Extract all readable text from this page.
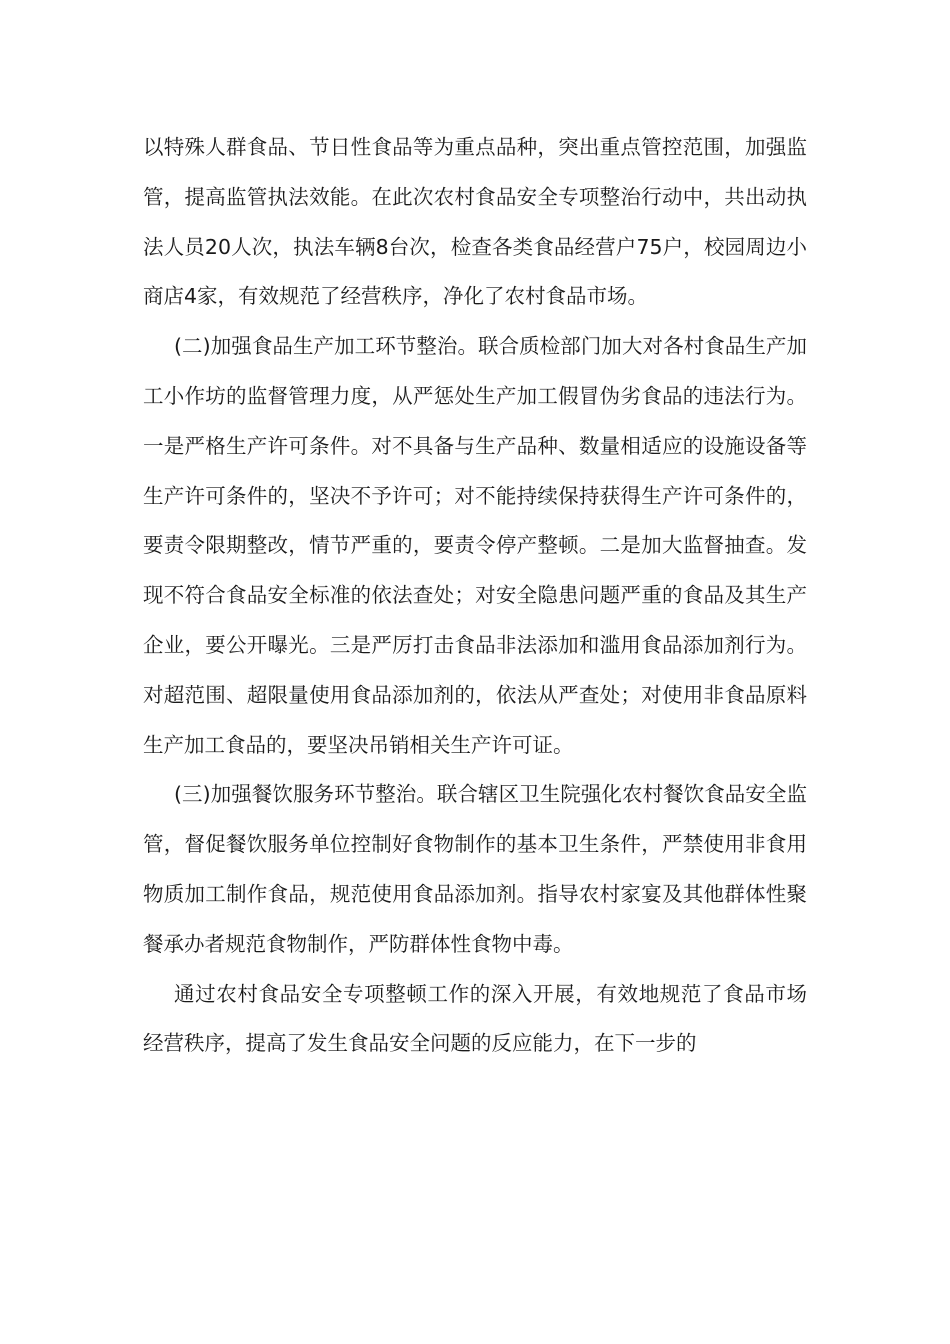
以特殊人群食品、节日性食品等为重点品种，突出重点管控范围，加强监管，提高监管执法效能。在此次农村食品安全专项整治行动中，共出动执法人员20人次，执法车辆8台次，检查各类食品经营户75户，校园周边小商店4家，有效规范了经营秩序，净化了农村食品市场。

(二)加强食品生产加工环节整治。联合质检部门加大对各村食品生产加工小作坊的监督管理力度，从严惩处生产加工假冒伪劣食品的违法行为。一是严格生产许可条件。对不具备与生产品种、数量相适应的设施设备等生产许可条件的，坚决不予许可；对不能持续保持获得生产许可条件的，要责令限期整改，情节严重的，要责令停产整顿。二是加大监督抽查。发现不符合食品安全标准的依法查处；对安全隐患问题严重的食品及其生产企业，要公开曝光。三是严厉打击食品非法添加和滥用食品添加剂行为。对超范围、超限量使用食品添加剂的，依法从严查处；对使用非食品原料生产加工食品的，要坚决吊销相关生产许可证。

(三)加强餐饮服务环节整治。联合辖区卫生院强化农村餐饮食品安全监管，督促餐饮服务单位控制好食物制作的基本卫生条件，严禁使用非食用物质加工制作食品，规范使用食品添加剂。指导农村家宴及其他群体性聚餐承办者规范食物制作，严防群体性食物中毒。

通过农村食品安全专项整顿工作的深入开展，有效地规范了食品市场经营秩序，提高了发生食品安全问题的反应能力，在下一步的
